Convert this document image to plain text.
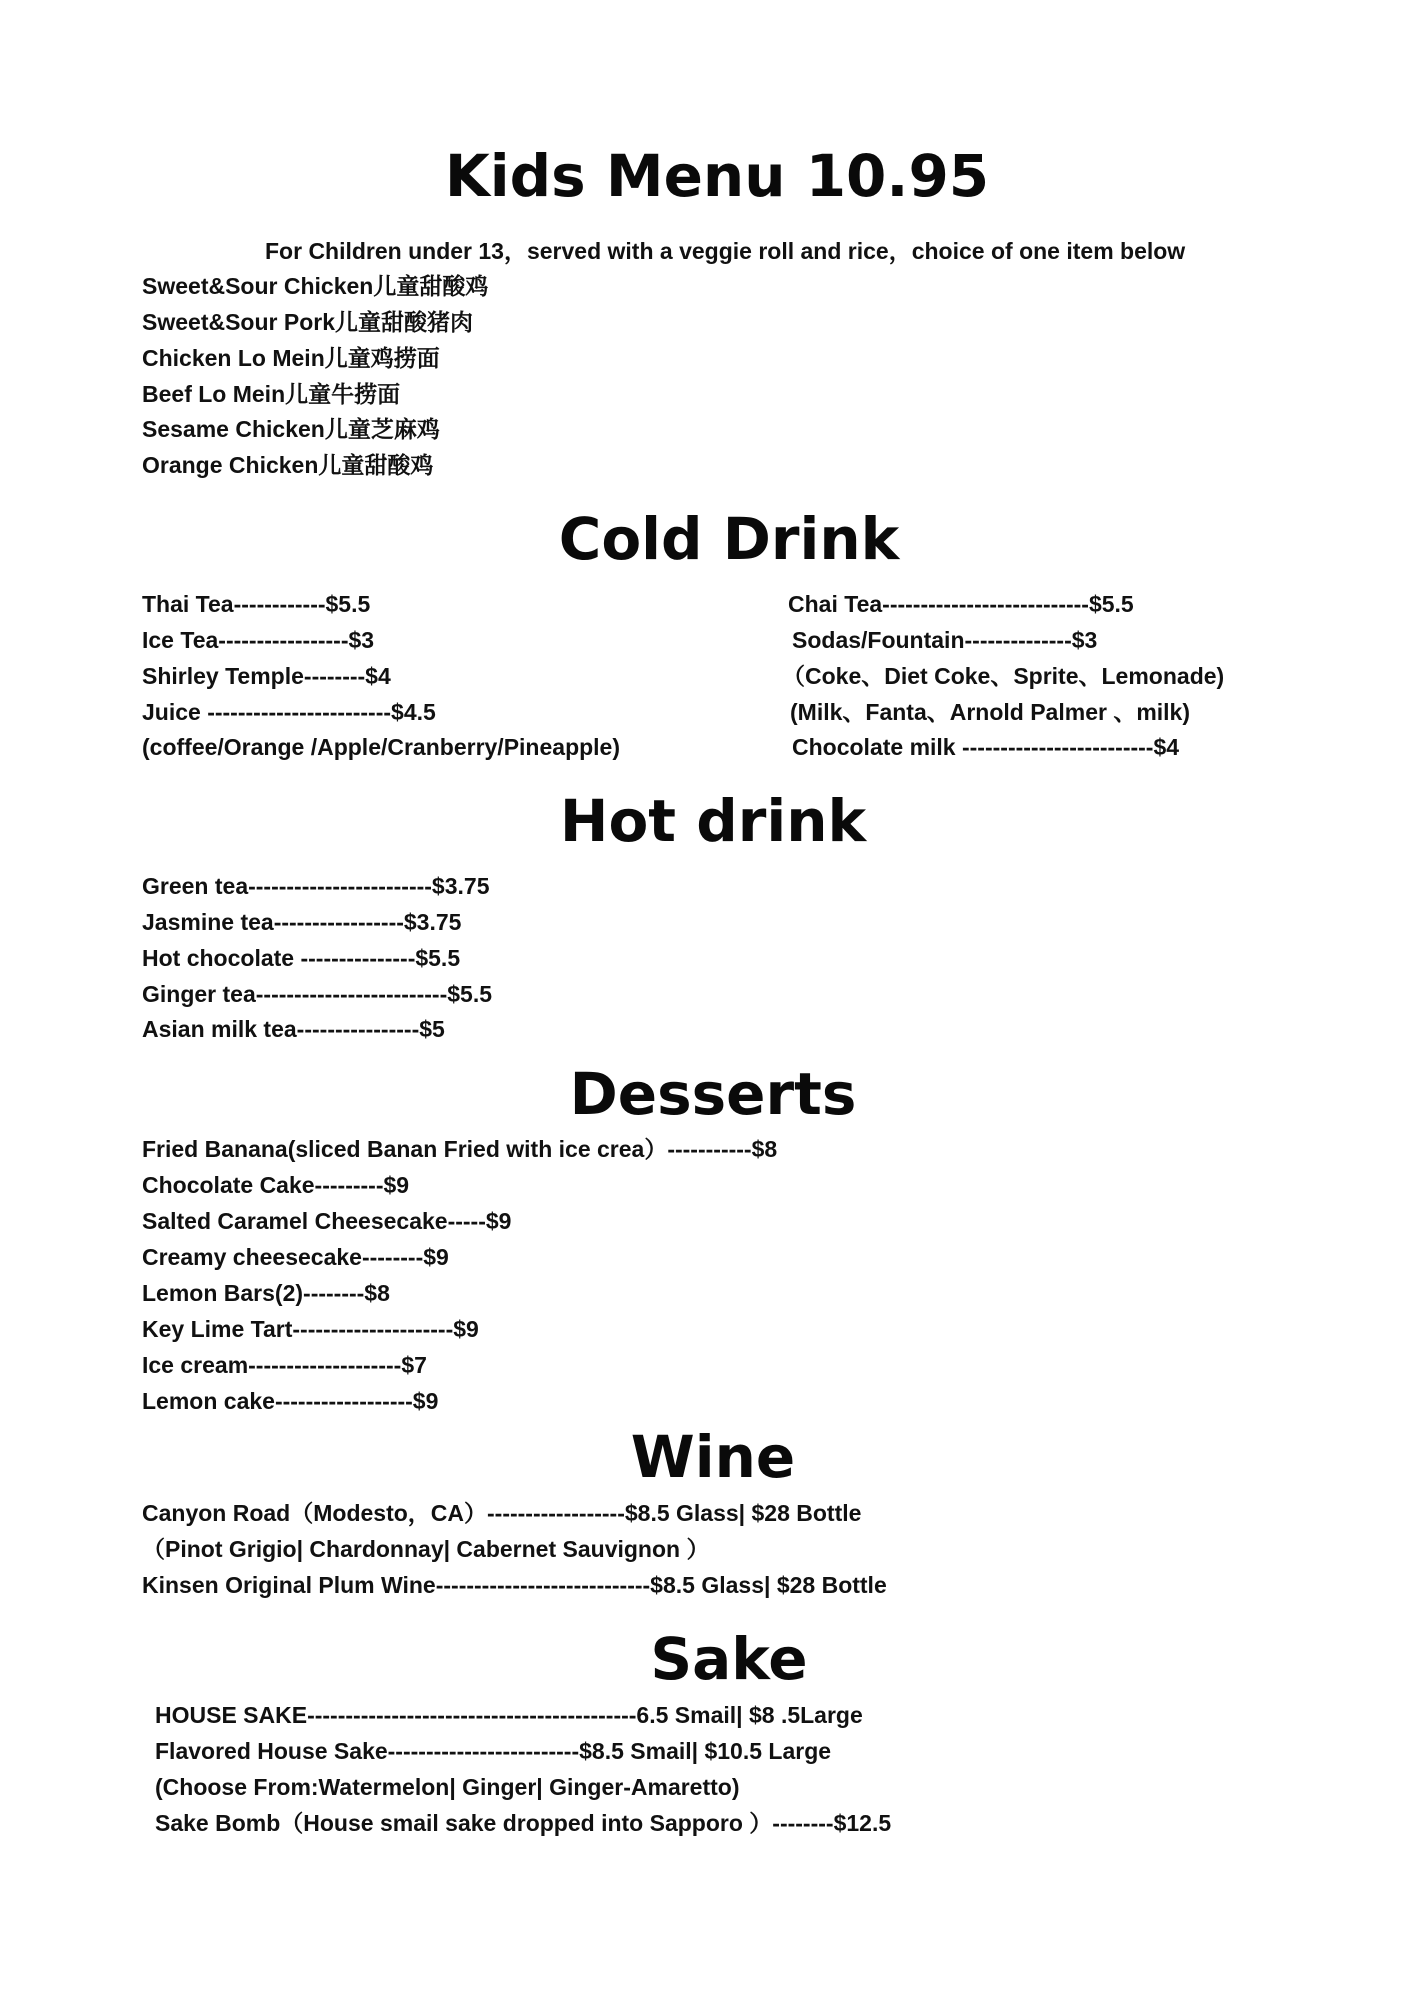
Kids Menu 10.95
For Children under 13，served with a veggie roll and rice，choice of one item below
Sweet&Sour Chicken儿童甜酸鸡
Sweet&Sour Pork儿童甜酸猪肉
Chicken Lo Mein儿童鸡捞面
Beef Lo Mein儿童牛捞面
Sesame Chicken儿童芝麻鸡
Orange Chicken儿童甜酸鸡
Cold Drink
Thai Tea------------$5.5
Ice Tea-----------------$3
Shirley Temple--------$4
Juice ------------------------$4.5
(coffee/Orange /Apple/Cranberry/Pineapple)
Chai Tea---------------------------$5.5
Sodas/Fountain--------------$3
（Coke、Diet Coke、Sprite、Lemonade)
(Milk、Fanta、Arnold Palmer 、milk)
Chocolate milk -------------------------$4
Hot drink
Green tea------------------------$3.75
Jasmine tea-----------------$3.75
Hot chocolate ---------------$5.5
Ginger tea-------------------------$5.5
Asian milk tea----------------$5
Desserts
Fried Banana(sliced Banan Fried with ice crea）-----------$8
Chocolate Cake---------$9
Salted Caramel Cheesecake-----$9
Creamy cheesecake--------$9
Lemon Bars(2)--------$8
Key Lime Tart---------------------$9
Ice cream--------------------$7
Lemon cake------------------$9
Wine
Canyon Road（Modesto，CA）------------------$8.5 Glass| $28 Bottle
（Pinot Grigio| Chardonnay| Cabernet Sauvignon ）
Kinsen Original Plum Wine----------------------------$8.5 Glass| $28 Bottle
Sake
HOUSE SAKE-------------------------------------------6.5 Smail| $8 .5Large
Flavored House Sake-------------------------$8.5 Smail| $10.5 Large
(Choose From:Watermelon| Ginger| Ginger-Amaretto)
Sake Bomb（House smail sake dropped into Sapporo ）--------$12.5
